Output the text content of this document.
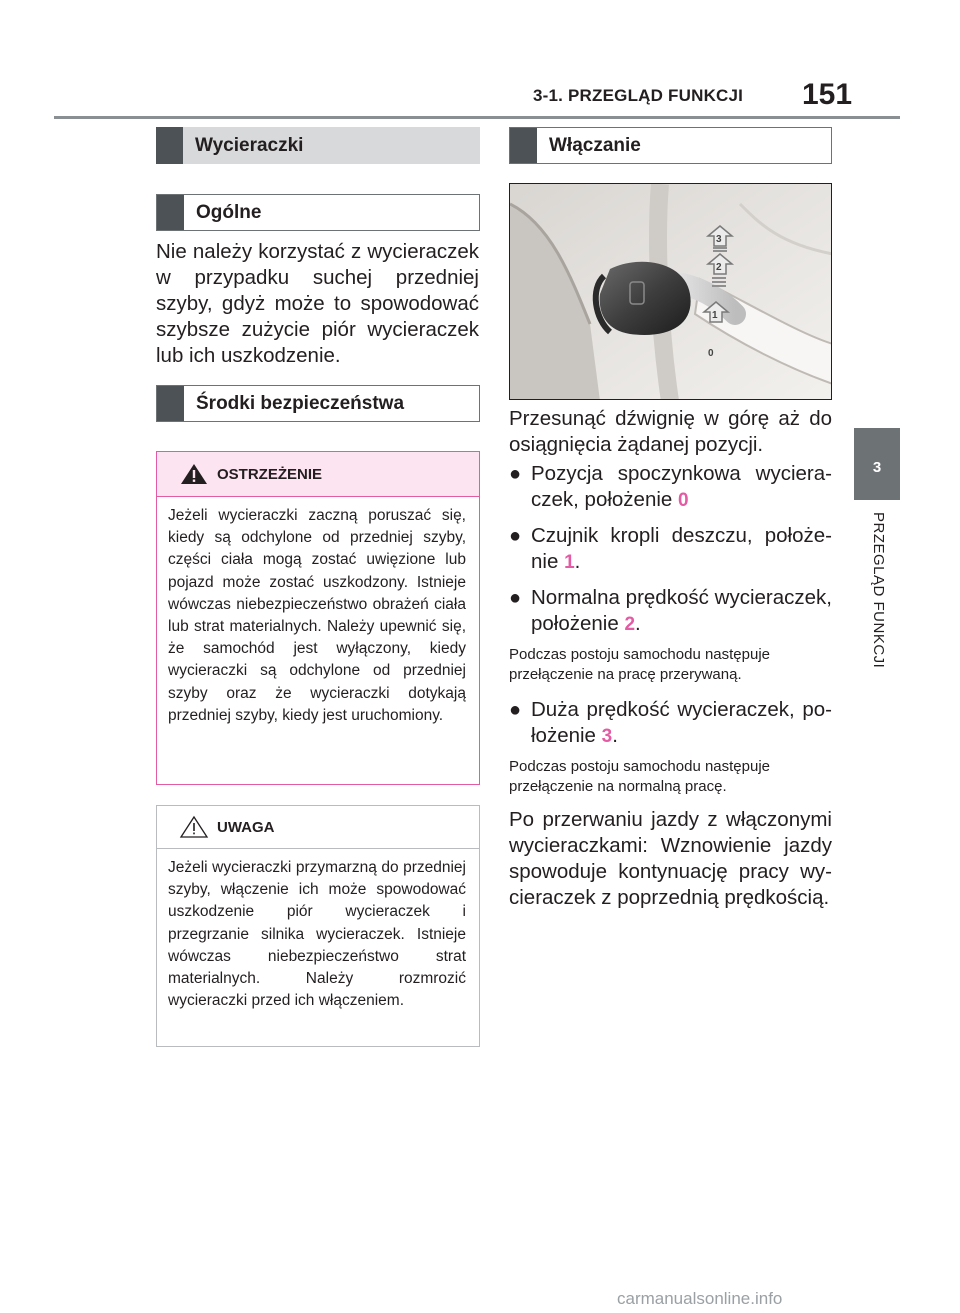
3-1. PRZEGLĄD FUNKCJI 151
3
PRZEGLĄD FUNKCJI
Wycieraczki
Ogólne
Nie należy korzystać z wycieraczek w przypadku suchej przedniej szyby, gdyż może to spowodować szybsze zużycie piór wycieraczek lub ich uszkodzenie.
Środki bezpieczeństwa
OSTRZEŻENIE
Jeżeli wycieraczki zaczną poruszać się, kiedy są odchylone od przedniej szyby, części ciała mogą zostać uwięzione lub pojazd może zostać uszkodzony. Istnieje wówczas niebezpieczeństwo obrażeń ciała lub strat materialnych. Należy upewnić się, że samochód jest wyłączony, kiedy wycieraczki są odchylone od przedniej szyby oraz że wycieraczki dotykają przedniej szyby, kiedy jest uruchomiony.
UWAGA
Jeżeli wycieraczki przymarzną do przedniej szyby, włączenie ich może spowodować uszkodzenie piór wycieraczek i przegrzanie silnika wycieraczek. Istnieje wówczas niebezpieczeństwo strat materialnych. Należy rozmrozić wycieraczki przed ich włączeniem.
Włączanie
3
2
1
0
Przesunąć dźwignię w górę aż do osiągnięcia żądanej pozycji.
● Pozycja spoczynkowa wycieraczek, położenie 0
● Czujnik kropli deszczu, położenie 1.
● Normalna prędkość wycieraczek, położenie 2.
Podczas postoju samochodu następuje przełączenie na pracę przerywaną.
● Duża prędkość wycieraczek, położenie 3.
Podczas postoju samochodu następuje przełączenie na normalną pracę.
Po przerwaniu jazdy z włączonymi wycieraczkami: Wznowienie jazdy spowoduje kontynuację pracy wycieraczek z poprzednią prędkością.
carmanualsonline.info
